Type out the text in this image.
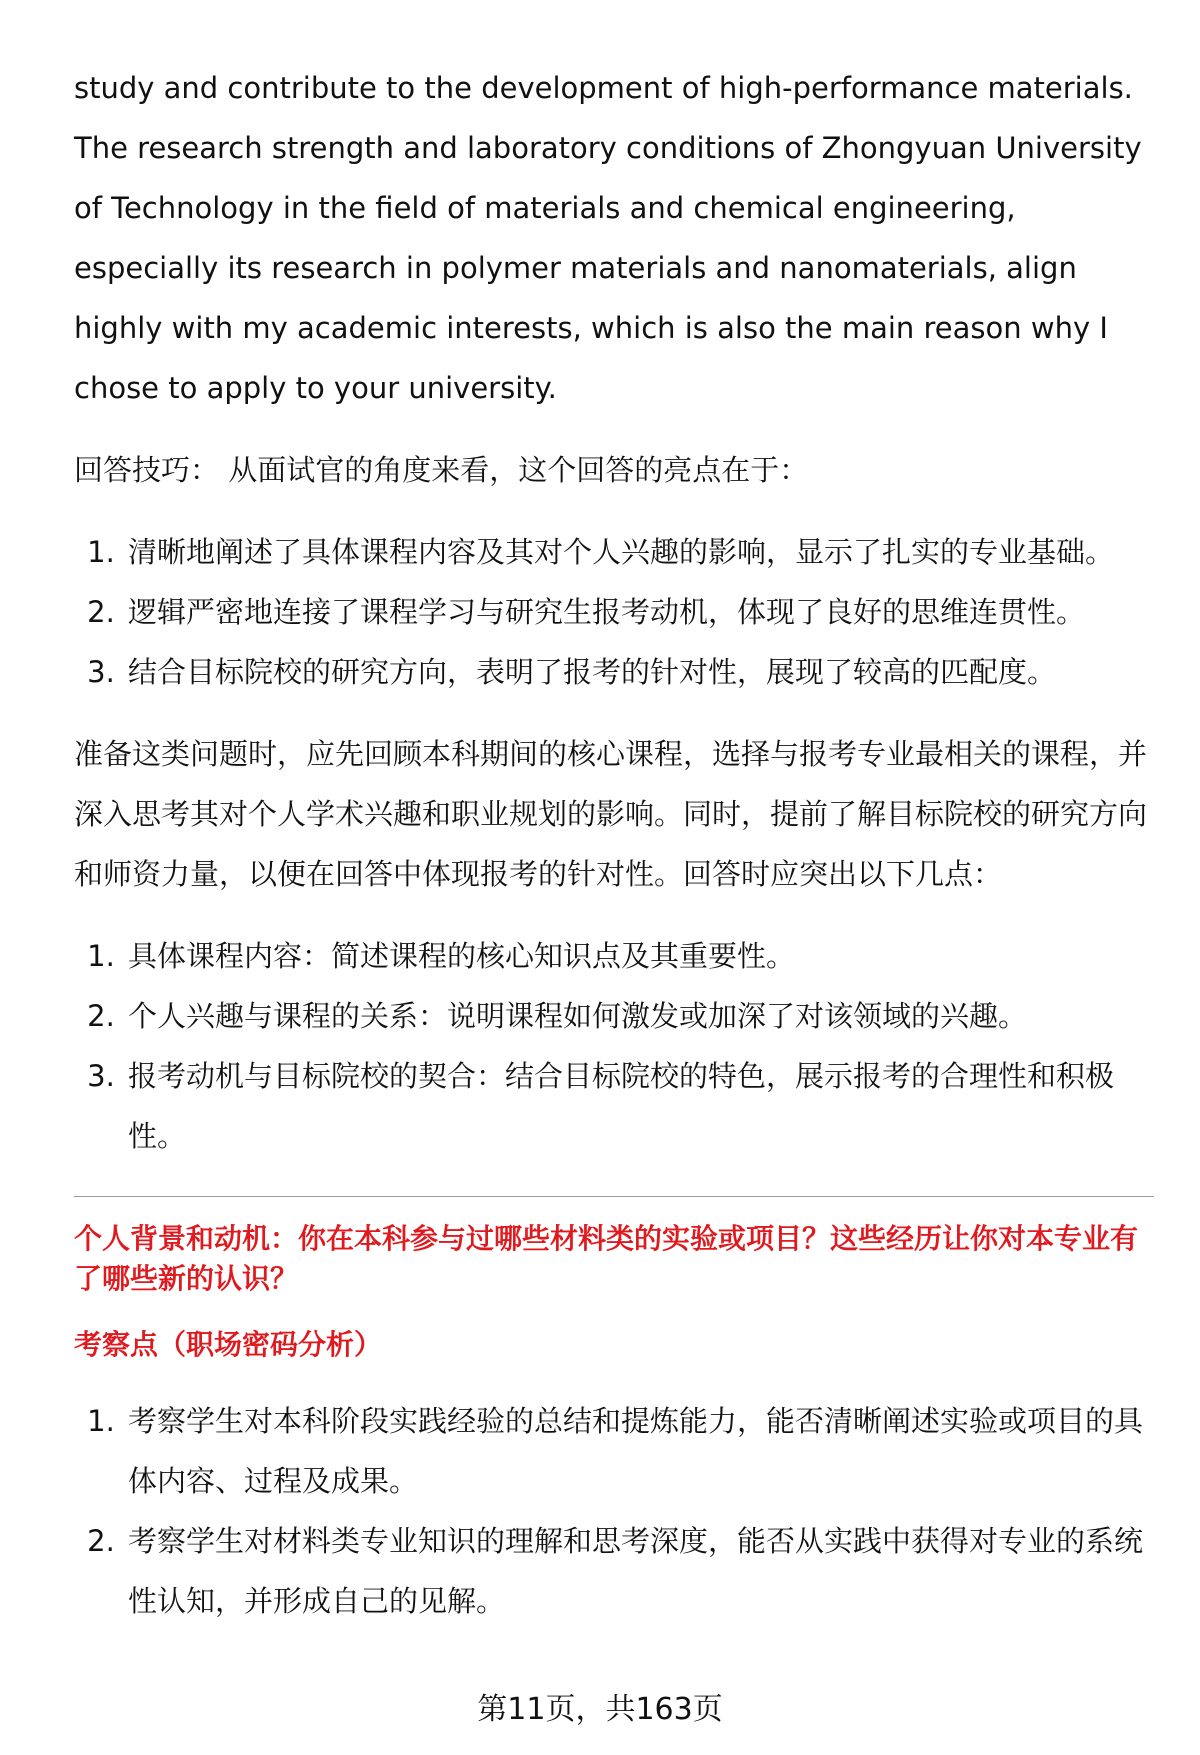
study and contribute to the development of high-performance materials. The research strength and laboratory conditions of Zhongyuan University of Technology in the field of materials and chemical engineering, especially its research in polymer materials and nanomaterials, align highly with my academic interests, which is also the main reason why I chose to apply to your university.

回答技巧： 从面试官的角度来看，这个回答的亮点在于：

1. 清晰地阐述了具体课程内容及其对个人兴趣的影响，显示了扎实的专业基础。
2. 逻辑严密地连接了课程学习与研究生报考动机，体现了良好的思维连贯性。
3. 结合目标院校的研究方向，表明了报考的针对性，展现了较高的匹配度。

准备这类问题时，应先回顾本科期间的核心课程，选择与报考专业最相关的课程，并深入思考其对个人学术兴趣和职业规划的影响。同时，提前了解目标院校的研究方向和师资力量，以便在回答中体现报考的针对性。回答时应突出以下几点：

1. 具体课程内容：简述课程的核心知识点及其重要性。
2. 个人兴趣与课程的关系：说明课程如何激发或加深了对该领域的兴趣。
3. 报考动机与目标院校的契合：结合目标院校的特色，展示报考的合理性和积极性。

个人背景和动机：你在本科参与过哪些材料类的实验或项目？这些经历让你对本专业有了哪些新的认识？

考察点（职场密码分析）

1. 考察学生对本科阶段实践经验的总结和提炼能力，能否清晰阐述实验或项目的具体内容、过程及成果。
2. 考察学生对材料类专业知识的理解和思考深度，能否从实践中获得对专业的系统性认知，并形成自己的见解。
第11页，共163页
